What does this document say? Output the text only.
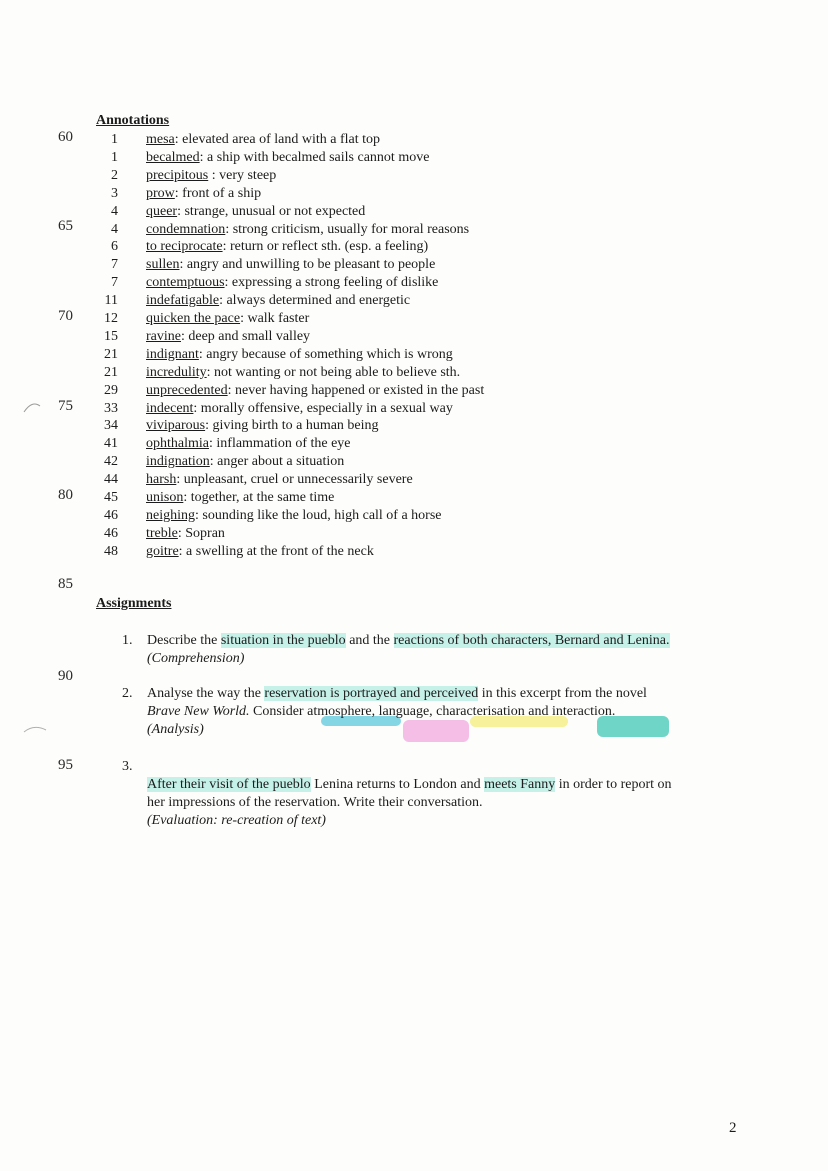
Annotations
60
65
70
75
80
85
90
95
1 mesa: elevated area of land with a flat top
1 becalmed: a ship with becalmed sails cannot move
2 precipitous : very steep
3 prow: front of a ship
4 queer: strange, unusual or not expected
4 condemnation: strong criticism, usually for moral reasons
6 to reciprocate: return or reflect sth. (esp. a feeling)
7 sullen: angry and unwilling to be pleasant to people
7 contemptuous: expressing a strong feeling of dislike
11 indefatigable: always determined and energetic
12 quicken the pace: walk faster
15 ravine: deep and small valley
21 indignant: angry because of something which is wrong
21 incredulity: not wanting or not being able to believe sth.
29 unprecedented: never having happened or existed in the past
33 indecent: morally offensive, especially in a sexual way
34 viviparous: giving birth to a human being
41 ophthalmia: inflammation of the eye
42 indignation: anger about a situation
44 harsh: unpleasant, cruel or unnecessarily severe
45 unison: together, at the same time
46 neighing: sounding like the loud, high call of a horse
46 treble: Sopran
48 goitre: a swelling at the front of the neck
Assignments
1. Describe the situation in the pueblo and the reactions of both characters, Bernard and Lenina.
(Comprehension)
2. Analyse the way the reservation is portrayed and perceived in this excerpt from the novel
Brave New World. Consider atmosphere, language, characterisation and interaction.
(Analysis)
3.
After their visit of the pueblo Lenina returns to London and meets Fanny in order to report on
her impressions of the reservation. Write their conversation.
(Evaluation: re-creation of text)
2
